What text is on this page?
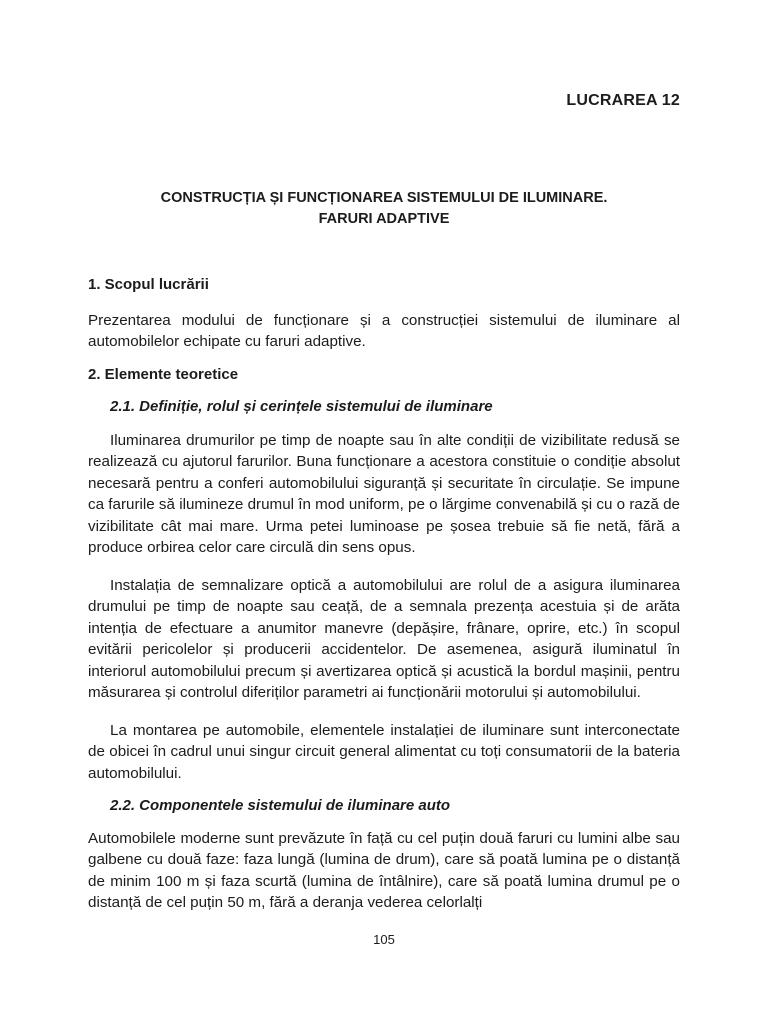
LUCRAREA 12
CONSTRUCȚIA ȘI FUNCȚIONAREA SISTEMULUI DE ILUMINARE.
FARURI ADAPTIVE
1. Scopul lucrării

Prezentarea modului de funcționare și a construcției sistemului de iluminare al automobilelor echipate cu faruri adaptive.

2. Elemente teoretice
2.1. Definiție, rolul și cerințele sistemului de iluminare

Iluminarea drumurilor pe timp de noapte sau în alte condiții de vizibilitate redusă se realizează cu ajutorul farurilor. Buna funcționare a acestora constituie o condiție absolut necesară pentru a conferi automobilului siguranță și securitate în circulație. Se impune ca farurile să ilumineze drumul în mod uniform, pe o lărgime convenabilă și cu o rază de vizibilitate cât mai mare. Urma petei luminoase pe șosea trebuie să fie netă, fără a produce orbirea celor care circulă din sens opus.

Instalația de semnalizare optică a automobilului are rolul de a asigura iluminarea drumului pe timp de noapte sau ceață, de a semnala prezența acestuia și de arăta intenția de efectuare a anumitor manevre (depășire, frânare, oprire, etc.) în scopul evitării pericolelor și producerii accidentelor. De asemenea, asigură iluminatul în interiorul automobilului precum și avertizarea optică și acustică la bordul mașinii, pentru măsurarea și controlul diferiților parametri ai funcționării motorului și automobilului.

La montarea pe automobile, elementele instalației de iluminare sunt interconectate de obicei în cadrul unui singur circuit general alimentat cu toți consumatorii de la bateria automobilului.

2.2. Componentele sistemului de iluminare auto

Automobilele moderne sunt prevăzute în față cu cel puțin două faruri cu lumini albe sau galbene cu două faze: faza lungă (lumina de drum), care să poată lumina pe o distanță de minim 100 m și faza scurtă (lumina de întâlnire), care să poată lumina drumul pe o distanță de cel puțin 50 m, fără a deranja vederea celorlalți

105
